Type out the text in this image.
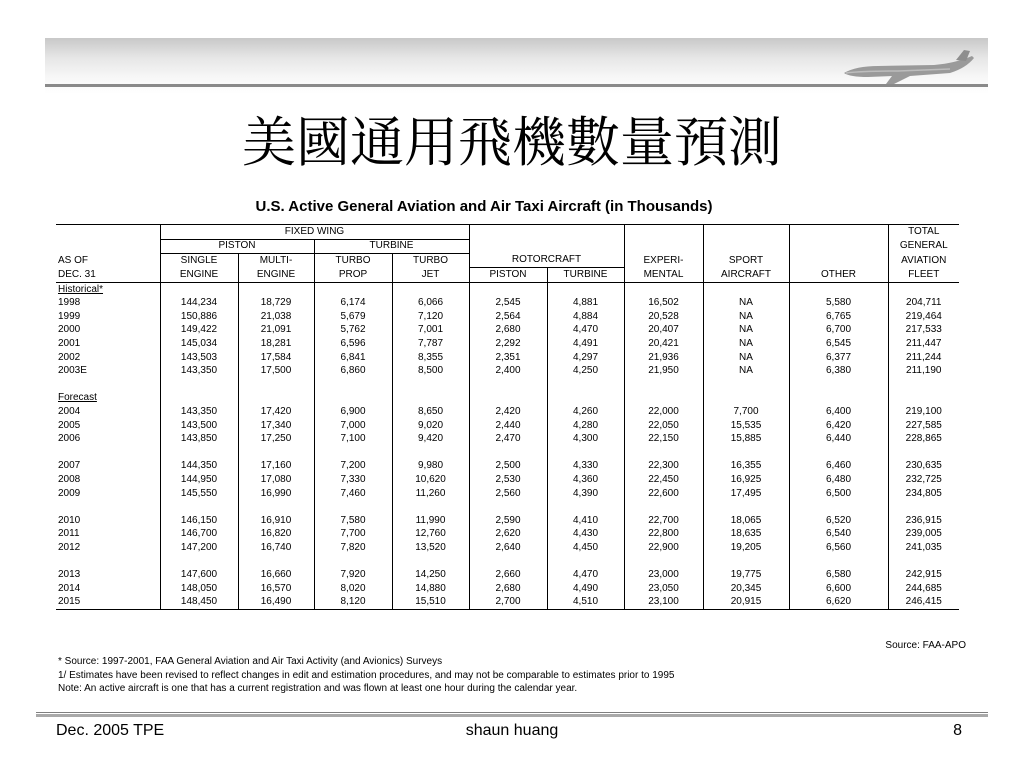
美國通用飛機數量預測
U.S. Active General Aviation and Air Taxi Aircraft (in Thousands)
	FIXED WING									TOTAL
	PISTON		TURBINE							GENERAL
AS OF	SINGLE	MULTI-	TURBO	TURBO	ROTORCRAFT		EXPERI-	SPORT		AVIATION
DEC. 31	ENGINE	ENGINE	PROP	JET	PISTON	TURBINE	MENTAL	AIRCRAFT	OTHER	FLEET
Historical*										
1998	144,234	18,729	6,174	6,066	2,545	4,881	16,502	NA	5,580	204,711
1999	150,886	21,038	5,679	7,120	2,564	4,884	20,528	NA	6,765	219,464
2000	149,422	21,091	5,762	7,001	2,680	4,470	20,407	NA	6,700	217,533
2001	145,034	18,281	6,596	7,787	2,292	4,491	20,421	NA	6,545	211,447
2002	143,503	17,584	6,841	8,355	2,351	4,297	21,936	NA	6,377	211,244
2003E	143,350	17,500	6,860	8,500	2,400	4,250	21,950	NA	6,380	211,190

Forecast										
2004	143,350	17,420	6,900	8,650	2,420	4,260	22,000	7,700	6,400	219,100
2005	143,500	17,340	7,000	9,020	2,440	4,280	22,050	15,535	6,420	227,585
2006	143,850	17,250	7,100	9,420	2,470	4,300	22,150	15,885	6,440	228,865

2007	144,350	17,160	7,200	9,980	2,500	4,330	22,300	16,355	6,460	230,635
2008	144,950	17,080	7,330	10,620	2,530	4,360	22,450	16,925	6,480	232,725
2009	145,550	16,990	7,460	11,260	2,560	4,390	22,600	17,495	6,500	234,805

2010	146,150	16,910	7,580	11,990	2,590	4,410	22,700	18,065	6,520	236,915
2011	146,700	16,820	7,700	12,760	2,620	4,430	22,800	18,635	6,540	239,005
2012	147,200	16,740	7,820	13,520	2,640	4,450	22,900	19,205	6,560	241,035

2013	147,600	16,660	7,920	14,250	2,660	4,470	23,000	19,775	6,580	242,915
2014	148,050	16,570	8,020	14,880	2,680	4,490	23,050	20,345	6,600	244,685
2015	148,450	16,490	8,120	15,510	2,700	4,510	23,100	20,915	6,620	246,415
Source: FAA-APO
* Source: 1997-2001, FAA General Aviation and Air Taxi Activity (and Avionics) Surveys
1/ Estimates have been revised to reflect changes in edit and estimation procedures, and may not be comparable to estimates prior to 1995
Note: An active aircraft is one that has a current registration and was flown at least one hour during the calendar year.
Dec. 2005 TPE	shaun huang	8
